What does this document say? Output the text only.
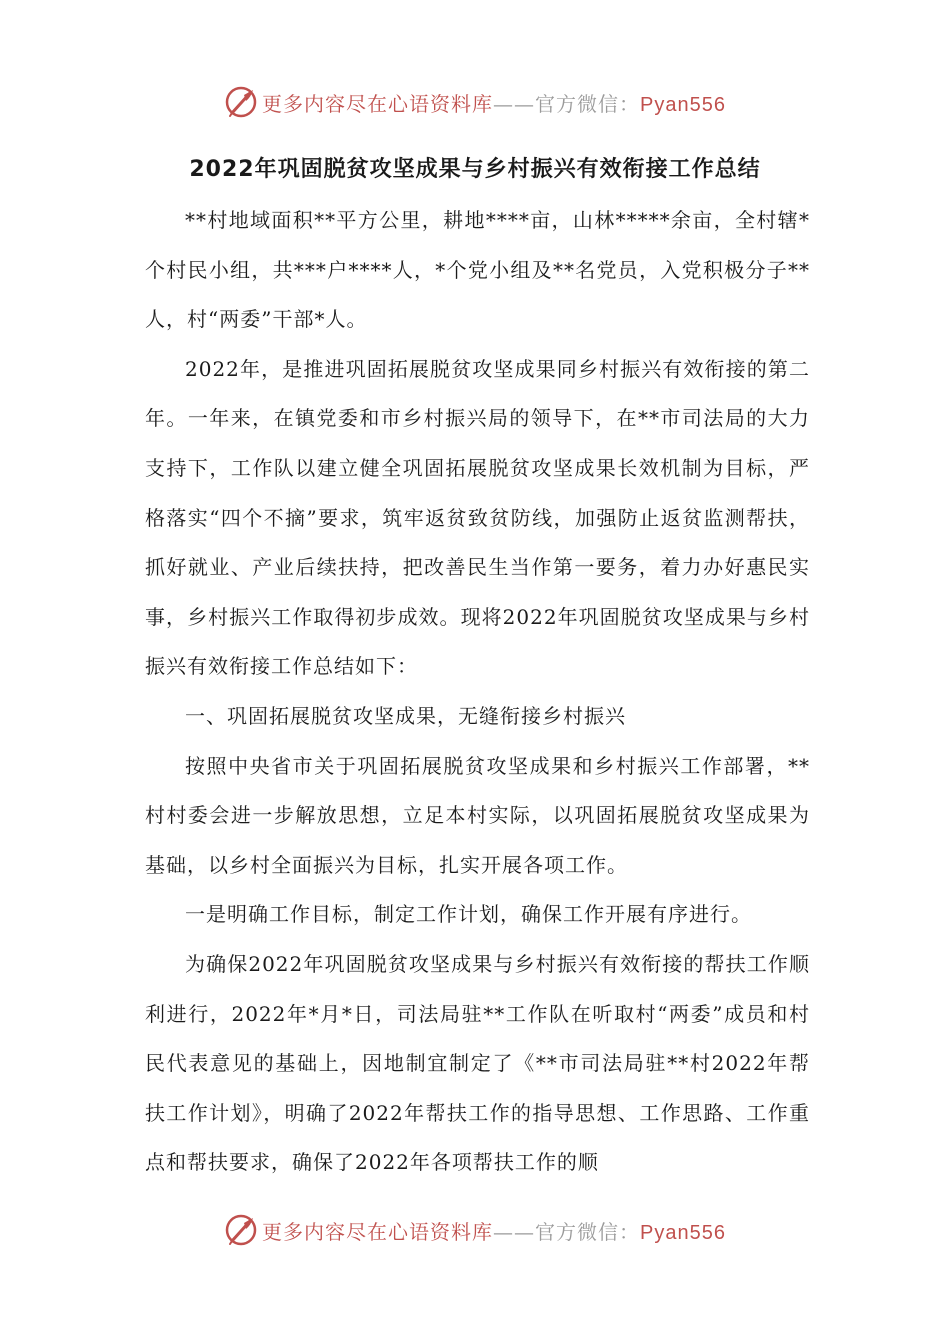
更多内容尽在心语资料库——官方微信：Pyan556
2022年巩固脱贫攻坚成果与乡村振兴有效衔接工作总结

**村地域面积**平方公里，耕地****亩，山林*****余亩，全村辖*个村民小组，共***户****人，*个党小组及**名党员，入党积极分子**人，村“两委”干部*人。

2022年，是推进巩固拓展脱贫攻坚成果同乡村振兴有效衔接的第二年。一年来，在镇党委和市乡村振兴局的领导下，在**市司法局的大力支持下，工作队以建立健全巩固拓展脱贫攻坚成果长效机制为目标，严格落实“四个不摘”要求，筑牢返贫致贫防线，加强防止返贫监测帮扶，抓好就业、产业后续扶持，把改善民生当作第一要务，着力办好惠民实事，乡村振兴工作取得初步成效。现将2022年巩固脱贫攻坚成果与乡村振兴有效衔接工作总结如下：

一、巩固拓展脱贫攻坚成果，无缝衔接乡村振兴

按照中央省市关于巩固拓展脱贫攻坚成果和乡村振兴工作部署，**村村委会进一步解放思想，立足本村实际，以巩固拓展脱贫攻坚成果为基础，以乡村全面振兴为目标，扎实开展各项工作。

一是明确工作目标，制定工作计划，确保工作开展有序进行。

为确保2022年巩固脱贫攻坚成果与乡村振兴有效衔接的帮扶工作顺利进行，2022年*月*日，司法局驻**工作队在听取村“两委”成员和村民代表意见的基础上，因地制宜制定了《**市司法局驻**村2022年帮扶工作计划》，明确了2022年帮扶工作的指导思想、工作思路、工作重点和帮扶要求，确保了2022年各项帮扶工作的顺

更多内容尽在心语资料库——官方微信：Pyan556
